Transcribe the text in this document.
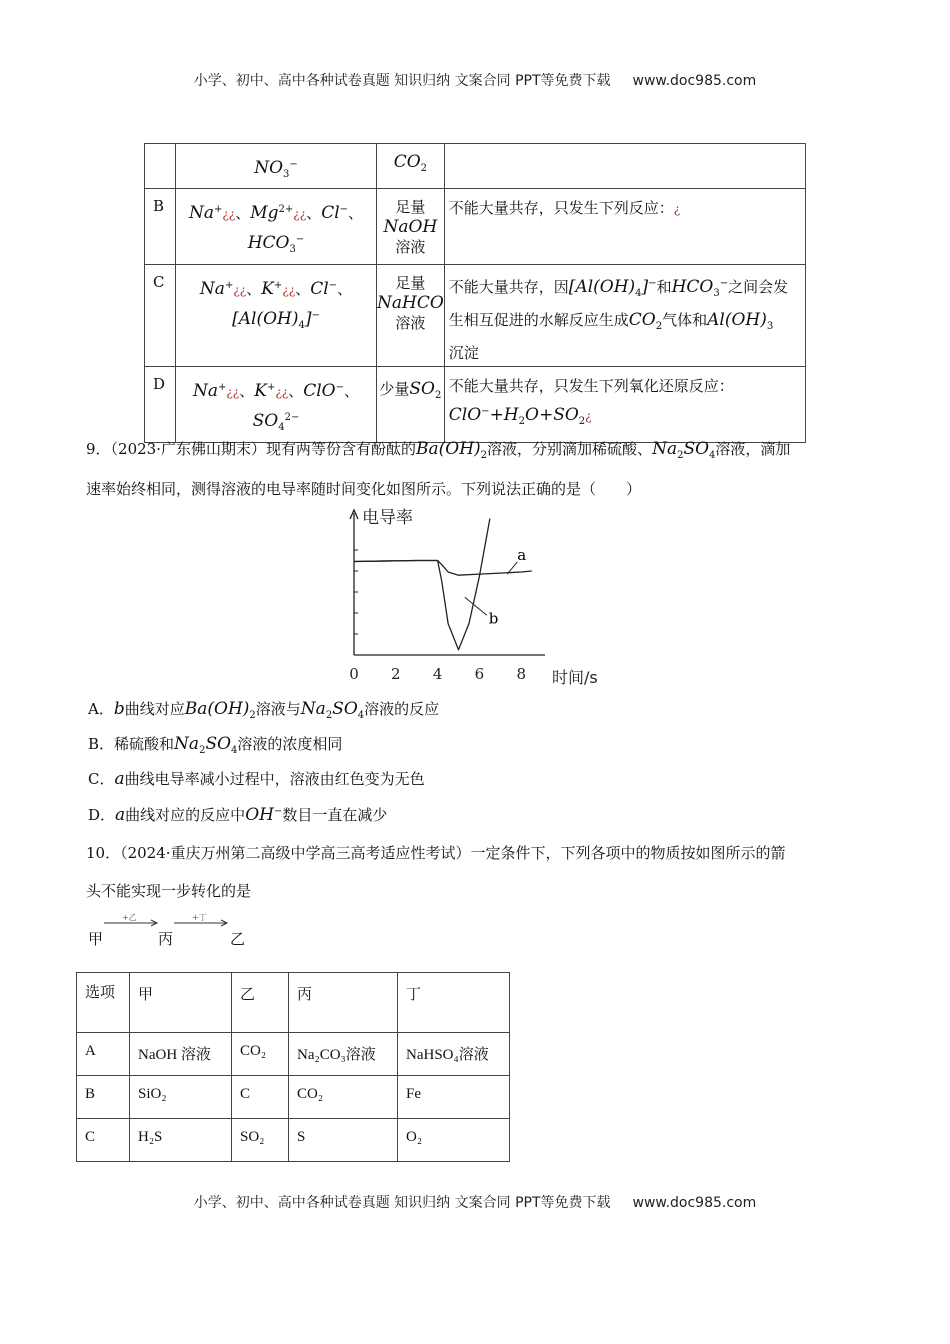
小学、初中、高中各种试卷真题 知识归纳 文案合同 PPT等免费下载 www.doc985.com
	$NO_3^-$	$CO_2$	
B	Na+¿¿、$Mg^{2+}¿¿$、Cl−、
$HCO_3^-$	足量
NaOH
溶液	不能大量共存，只发生下列反应：¿
C	Na+¿¿、K+¿¿、Cl−、
$[Al(OH)_4]^-$	足量
NaHCO
溶液	不能大量共存，因$[Al(OH)_4]^-$和$HCO_3^-$之间会发
生相互促进的水解反应生成$CO_2$气体和$Al(OH)_3$
沉淀
D	Na+¿¿、K+¿¿、ClO−、
$SO_4^{2-}$	少量$SO_2$	不能大量共存，只发生下列氧化还原反应：
$ClO^-+H_2O+SO_2¿$
9．（2023·广东佛山期末）现有两等份含有酚酞的$Ba(OH)_2$溶液，分别滴加稀硫酸、$Na_2SO_4$溶液，滴加
速率始终相同，测得溶液的电导率随时间变化如图所示。下列说法正确的是（　　）
0 2 4 6 8
电导率
时间/s
a
b
A．b曲线对应$Ba(OH)_2$溶液与$Na_2SO_4$溶液的反应
B．稀硫酸和$Na_2SO_4$溶液的浓度相同
C．a曲线电导率减小过程中，溶液由红色变为无色
D．a曲线对应的反应中OH−数目一直在减少
10．（2024·重庆万州第二高级中学高三高考适应性考试）一定条件下，下列各项中的物质按如图所示的箭
头不能实现一步转化的是
甲
+乙
丙
+丁
乙
选项	甲	乙	丙	丁
A	NaOH 溶液	CO₂	Na₂CO₃溶液	NaHSO₄溶液
B	SiO₂	C	CO₂	Fe
C	H₂S	SO₂	S	O₂
小学、初中、高中各种试卷真题 知识归纳 文案合同 PPT等免费下载 www.doc985.com
